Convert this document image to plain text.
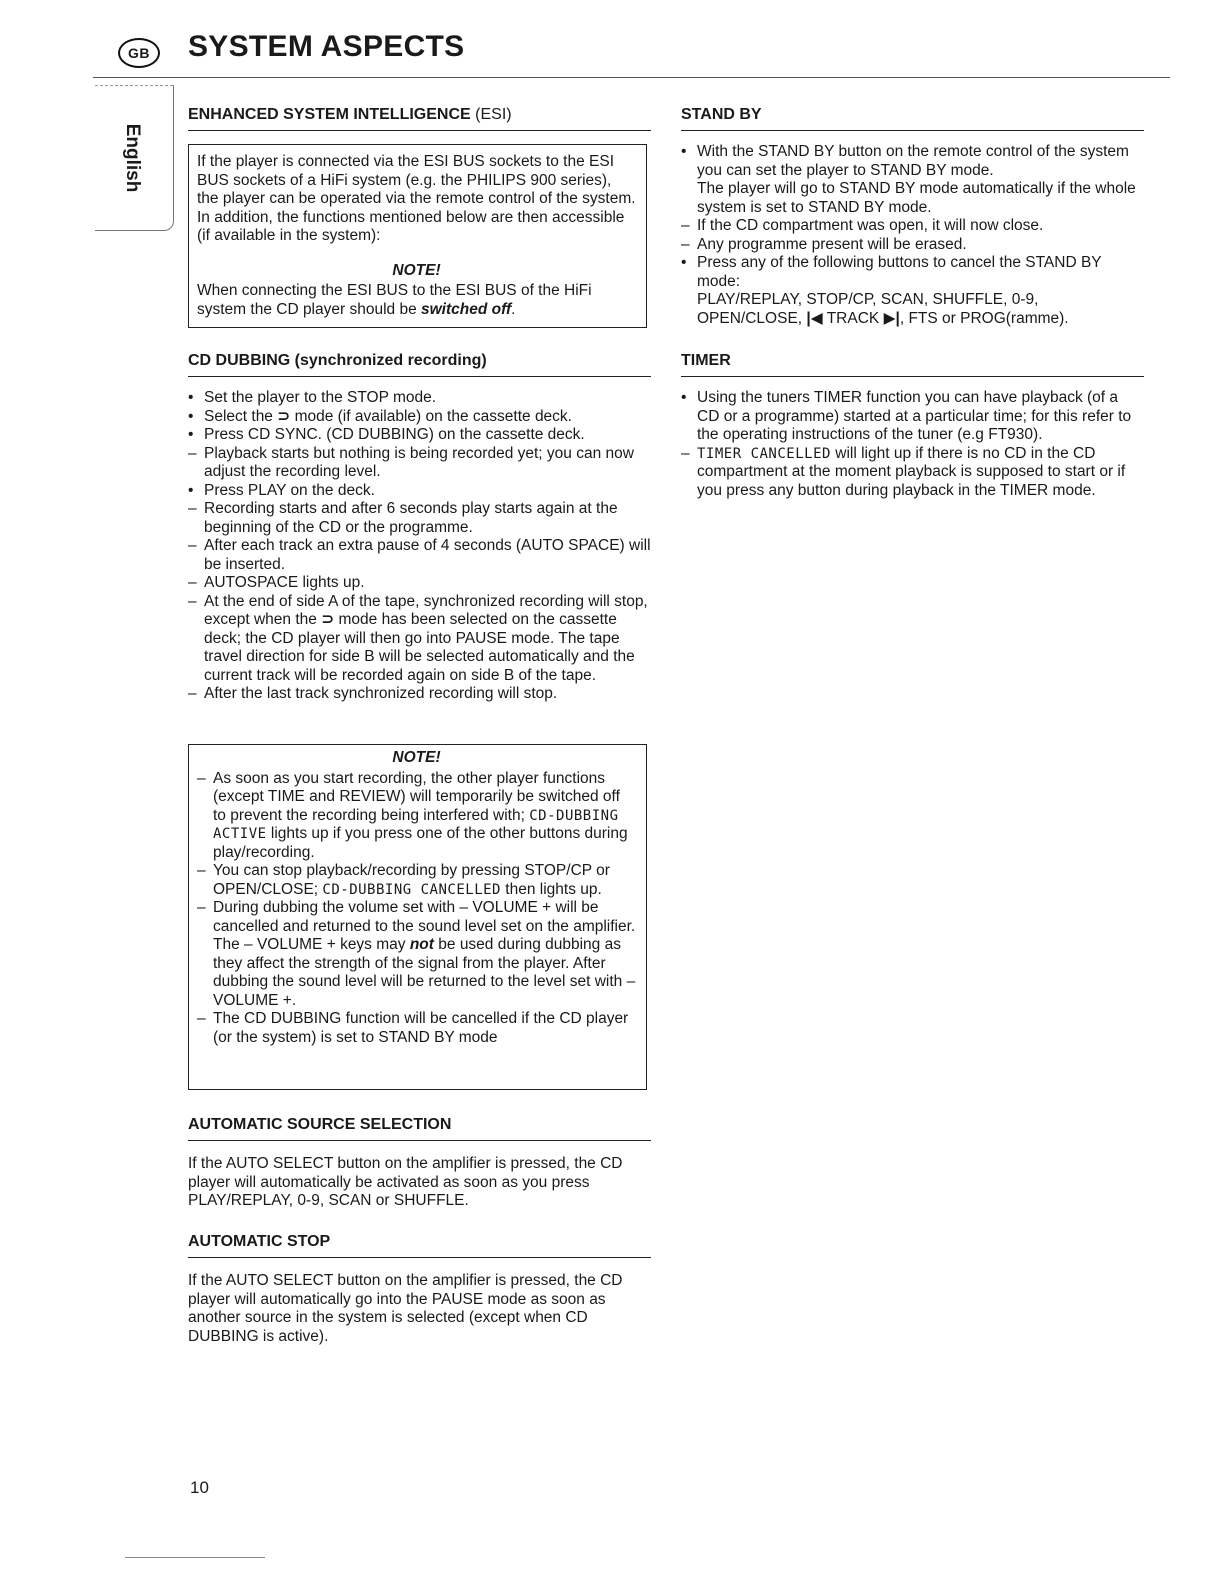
GB SYSTEM ASPECTS
English
ENHANCED SYSTEM INTELLIGENCE (ESI)

If the player is connected via the ESI BUS sockets to the ESI BUS sockets of a HiFi system (e.g. the PHILIPS 900 series), the player can be operated via the remote control of the system. In addition, the functions mentioned below are then accessible (if available in the system):

NOTE!

When connecting the ESI BUS to the ESI BUS of the HiFi system the CD player should be switched off.

CD DUBBING (synchronized recording)
•
Set the player to the STOP mode.
•
Select the ⊃ mode (if available) on the cassette deck.
•
Press CD SYNC. (CD DUBBING) on the cassette deck.
–
Playback starts but nothing is being recorded yet; you can now adjust the recording level.
•
Press PLAY on the deck.
–
Recording starts and after 6 seconds play starts again at the beginning of the CD or the programme.
–
After each track an extra pause of 4 seconds (AUTO SPACE) will be inserted.
–
AUTOSPACE lights up.
–
At the end of side A of the tape, synchronized recording will stop, except when the ⊃ mode has been selected on the cassette deck; the CD player will then go into PAUSE mode. The tape travel direction for side B will be selected automatically and the current track will be recorded again on side B of the tape.
–
After the last track synchronized recording will stop.
NOTE!
–
As soon as you start recording, the other player functions (except TIME and REVIEW) will temporarily be switched off to prevent the recording being interfered with; CD-DUBBING ACTIVE lights up if you press one of the other buttons during play/recording.
–
You can stop playback/recording by pressing STOP/CP or OPEN/CLOSE; CD-DUBBING CANCELLED then lights up.
–
During dubbing the volume set with – VOLUME + will be cancelled and returned to the sound level set on the amplifier.
The – VOLUME + keys may not be used during dubbing as they affect the strength of the signal from the player. After dubbing the sound level will be returned to the level set with – VOLUME +.
–
The CD DUBBING function will be cancelled if the CD player (or the system) is set to STAND BY mode
AUTOMATIC SOURCE SELECTION

If the AUTO SELECT button on the amplifier is pressed, the CD player will automatically be activated as soon as you press PLAY/REPLAY, 0-9, SCAN or SHUFFLE.

AUTOMATIC STOP

If the AUTO SELECT button on the amplifier is pressed, the CD player will automatically go into the PAUSE mode as soon as another source in the system is selected (except when CD DUBBING is active).

STAND BY
•
With the STAND BY button on the remote control of the system you can set the player to STAND BY mode.
The player will go to STAND BY mode automatically if the whole system is set to STAND BY mode.
–
If the CD compartment was open, it will now close.
–
Any programme present will be erased.
•
Press any of the following buttons to cancel the STAND BY mode:
PLAY/REPLAY, STOP/CP, SCAN, SHUFFLE, 0-9, OPEN/CLOSE, |◀ TRACK ▶|, FTS or PROG(ramme).
TIMER
•
Using the tuners TIMER function you can have playback (of a CD or a programme) started at a particular time; for this refer to the operating instructions of the tuner (e.g FT930).
–
TIMER CANCELLED will light up if there is no CD in the CD compartment at the moment playback is supposed to start or if you press any button during playback in the TIMER mode.
10
